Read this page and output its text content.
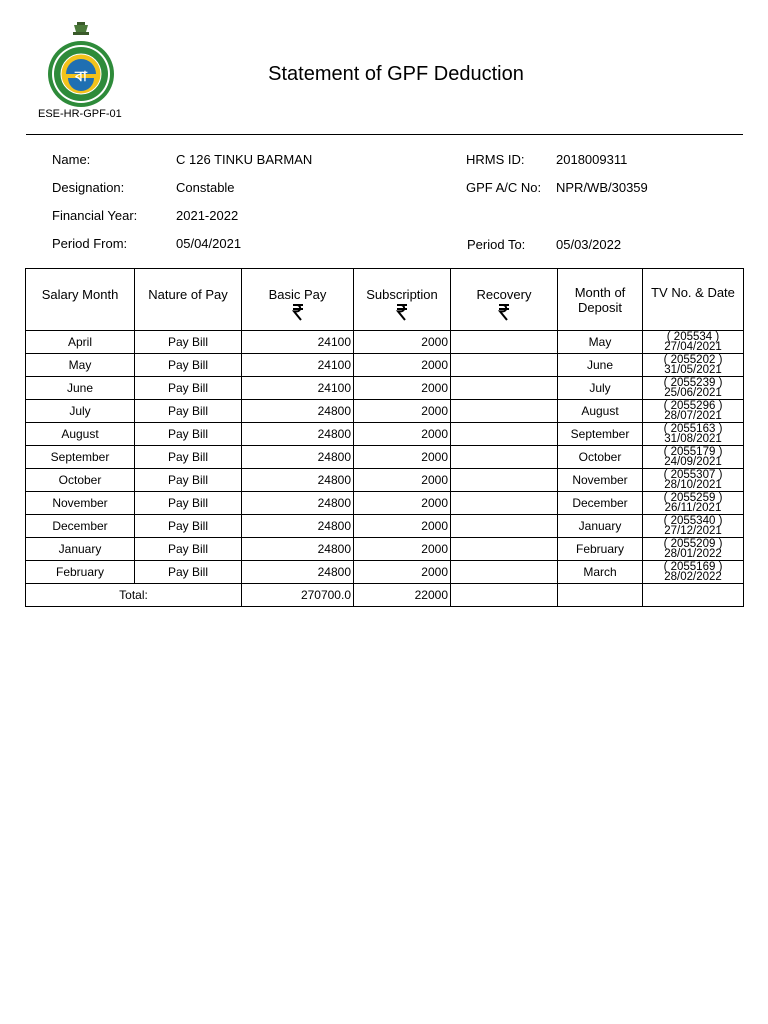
বা
ESE-HR-GPF-01
Statement of GPF Deduction
Name:	C 126 TINKU BARMAN	HRMS ID: 2018009311
Designation:	Constable	GPF A/C No: NPR/WB/30359
Financial Year:	2021-2022
Period From:	05/04/2021	Period To: 05/03/2022
Salary Month	Nature of Pay	Basic Pay	Subscription	Recovery	Month of
Deposit	TV No. & Date
April	Pay Bill	24100	2000		May	( 205534 )
27/04/2021

May	Pay Bill	24100	2000		June	( 2055202 )
31/05/2021

June	Pay Bill	24100	2000		July	( 2055239 )
25/06/2021

July	Pay Bill	24800	2000		August	( 2055296 )
28/07/2021

August	Pay Bill	24800	2000		September	( 2055163 )
31/08/2021

September	Pay Bill	24800	2000		October	( 2055179 )
24/09/2021

October	Pay Bill	24800	2000		November	( 2055307 )
28/10/2021

November	Pay Bill	24800	2000		December	( 2055259 )
26/11/2021

December	Pay Bill	24800	2000		January	( 2055340 )
27/12/2021

January	Pay Bill	24800	2000		February	( 2055209 )
28/01/2022

February	Pay Bill	24800	2000		March	( 2055169 )
28/02/2022

Total:		270700.0	22000			
